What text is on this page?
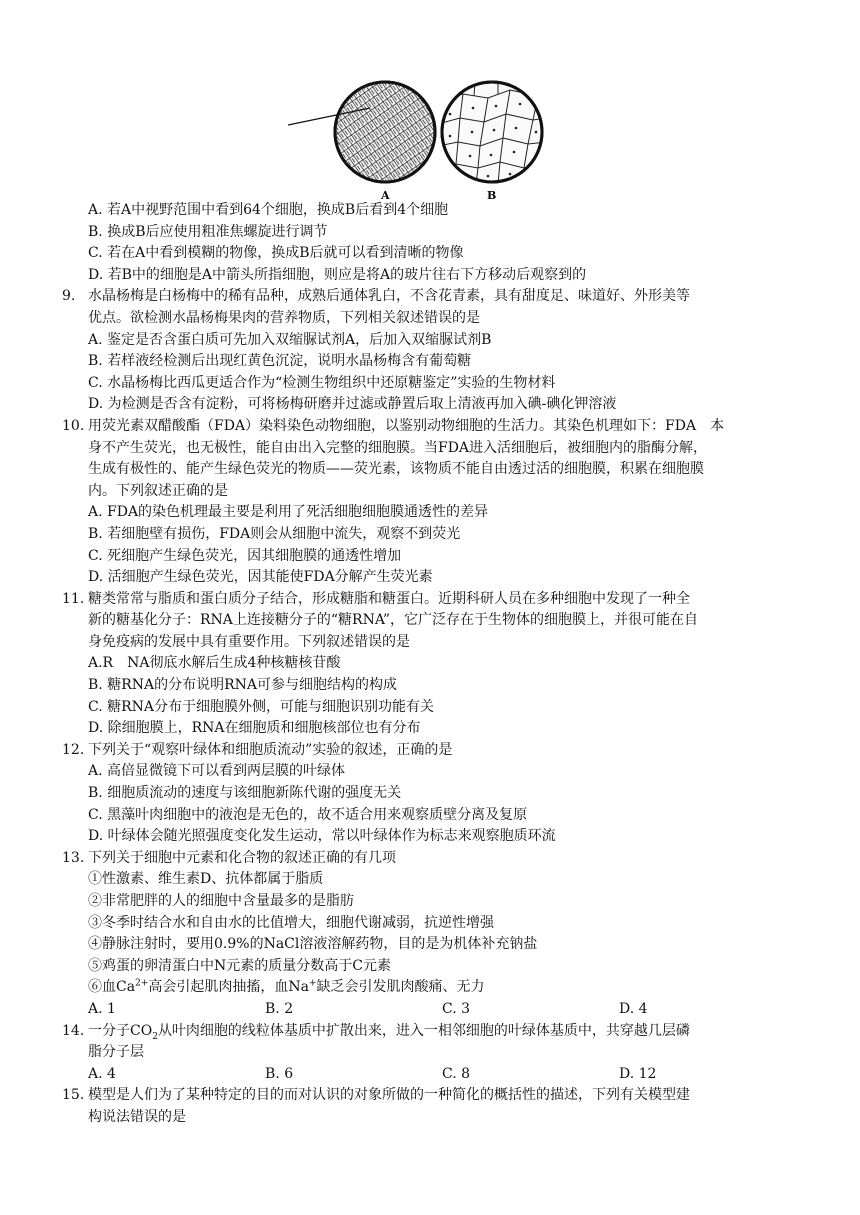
A	B
A. 若A中视野范围中看到64个细胞，换成B后看到4个细胞
B. 换成B后应使用粗准焦螺旋进行调节
C. 若在A中看到模糊的物像，换成B后就可以看到清晰的物像
D. 若B中的细胞是A中箭头所指细胞，则应是将A的玻片往右下方移动后观察到的
9. 水晶杨梅是白杨梅中的稀有品种，成熟后通体乳白，不含花青素，具有甜度足、味道好、外形美等
优点。欲检测水晶杨梅果肉的营养物质，下列相关叙述错误的是
A. 鉴定是否含蛋白质可先加入双缩脲试剂A，后加入双缩脲试剂B
B. 若样液经检测后出现红黄色沉淀，说明水晶杨梅含有葡萄糖
C. 水晶杨梅比西瓜更适合作为“检测生物组织中还原糖鉴定”实验的生物材料
D. 为检测是否含有淀粉，可将杨梅研磨并过滤或静置后取上清液再加入碘-碘化钾溶液
10. 用荧光素双醋酸酯（FDA）染料染色动物细胞，以鉴别动物细胞的生活力。其染色机理如下：FDA　本
身不产生荧光，也无极性，能自由出入完整的细胞膜。当FDA进入活细胞后，被细胞内的脂酶分解，
生成有极性的、能产生绿色荧光的物质——荧光素，该物质不能自由透过活的细胞膜，积累在细胞膜
内。下列叙述正确的是
A. FDA的染色机理最主要是利用了死活细胞细胞膜通透性的差异
B. 若细胞壁有损伤，FDA则会从细胞中流失，观察不到荧光
C. 死细胞产生绿色荧光，因其细胞膜的通透性增加
D. 活细胞产生绿色荧光，因其能使FDA分解产生荧光素
11. 糖类常常与脂质和蛋白质分子结合，形成糖脂和糖蛋白。近期科研人员在多种细胞中发现了一种全
新的糖基化分子：RNA上连接糖分子的“糖RNA”，它广泛存在于生物体的细胞膜上，并很可能在自
身免疫病的发展中具有重要作用。下列叙述错误的是
A.R　NA彻底水解后生成4种核糖核苷酸
B. 糖RNA的分布说明RNA可参与细胞结构的构成
C. 糖RNA分布于细胞膜外侧，可能与细胞识别功能有关
D. 除细胞膜上，RNA在细胞质和细胞核部位也有分布
12. 下列关于“观察叶绿体和细胞质流动”实验的叙述，正确的是
A. 高倍显微镜下可以看到两层膜的叶绿体
B. 细胞质流动的速度与该细胞新陈代谢的强度无关
C. 黑藻叶肉细胞中的液泡是无色的，故不适合用来观察质壁分离及复原
D. 叶绿体会随光照强度变化发生运动，常以叶绿体作为标志来观察胞质环流
13. 下列关于细胞中元素和化合物的叙述正确的有几项
①性激素、维生素D、抗体都属于脂质
②非常肥胖的人的细胞中含量最多的是脂肪
③冬季时结合水和自由水的比值增大，细胞代谢减弱，抗逆性增强
④静脉注射时，要用0.9%的NaCl溶液溶解药物，目的是为机体补充钠盐
⑤鸡蛋的卵清蛋白中N元素的质量分数高于C元素
⑥血$Ca^{2+}$高会引起肌肉抽搐，血Na+缺乏会引发肌肉酸痛、无力
A. 1	B. 2	C. 3	D. 4
14. 一分子$CO_2$从叶肉细胞的线粒体基质中扩散出来，进入一相邻细胞的叶绿体基质中，共穿越几层磷
脂分子层
A. 4	B. 6	C. 8	D. 12
15. 模型是人们为了某种特定的目的而对认识的对象所做的一种简化的概括性的描述，下列有关模型建
构说法错误的是
